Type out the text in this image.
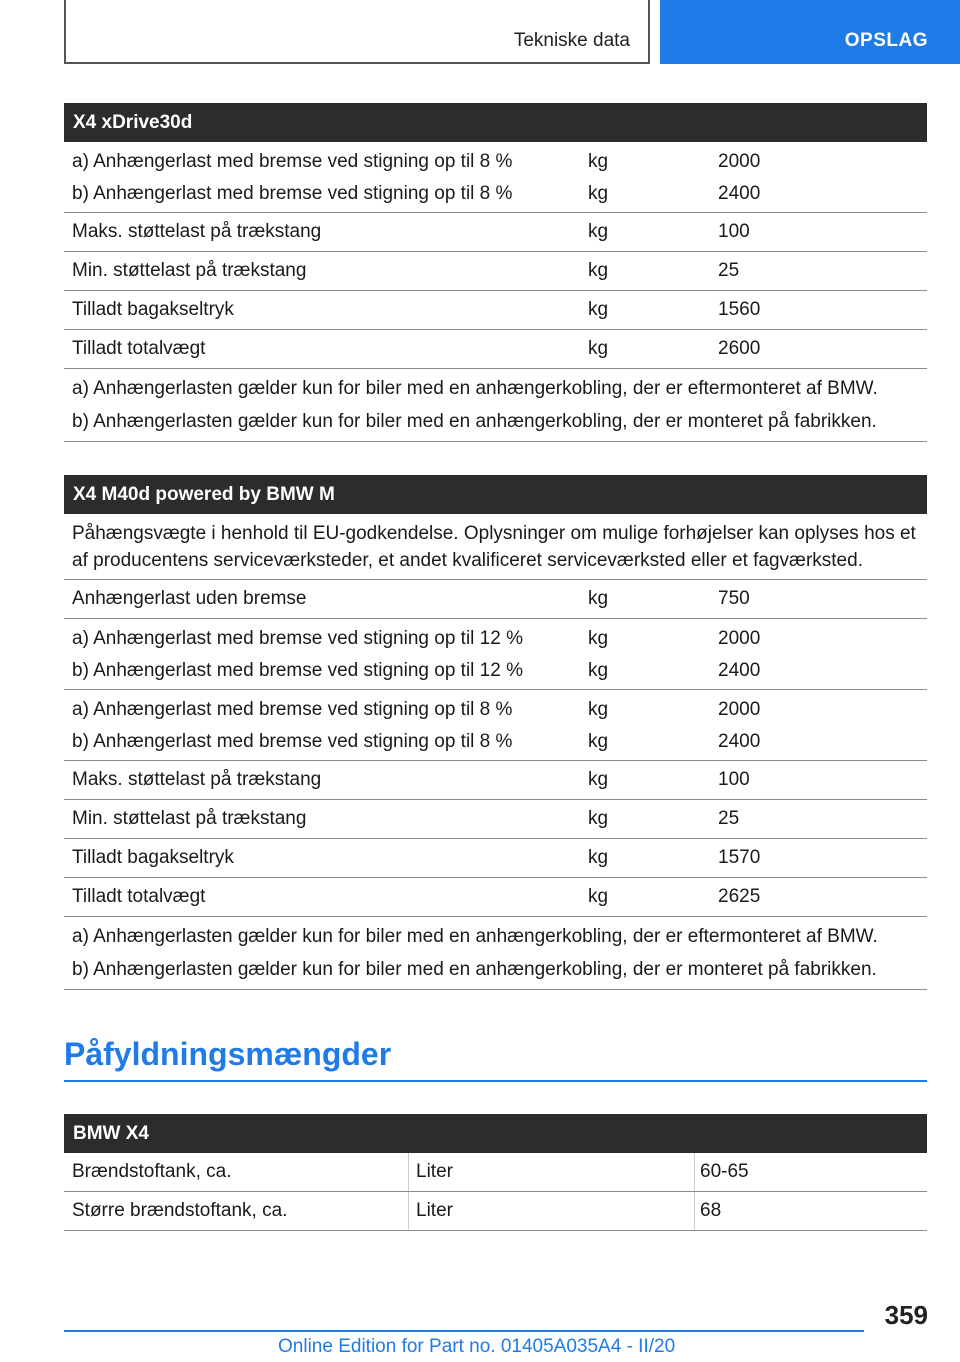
Tekniske data	OPSLAG
X4 xDrive30d
a) Anhængerlast med bremse ved stigning op til 8 %	kg	2000
b) Anhængerlast med bremse ved stigning op til 8 %	kg	2400
Maks. støttelast på trækstang	kg	100
Min. støttelast på trækstang	kg	25
Tilladt bagakseltryk	kg	1560
Tilladt totalvægt	kg	2600
a) Anhængerlasten gælder kun for biler med en anhængerkobling, der er eftermonteret af BMW.
b) Anhængerlasten gælder kun for biler med en anhængerkobling, der er monteret på fabrikken.
X4 M40d powered by BMW M
Påhængsvægte i henhold til EU-godkendelse. Oplysninger om mulige forhøjelser kan oplyses hos et af producentens serviceværksteder, et andet kvalificeret serviceværksted eller et fagværksted.
Anhængerlast uden bremse	kg	750
a) Anhængerlast med bremse ved stigning op til 12 %	kg	2000
b) Anhængerlast med bremse ved stigning op til 12 %	kg	2400
a) Anhængerlast med bremse ved stigning op til 8 %	kg	2000
b) Anhængerlast med bremse ved stigning op til 8 %	kg	2400
Maks. støttelast på trækstang	kg	100
Min. støttelast på trækstang	kg	25
Tilladt bagakseltryk	kg	1570
Tilladt totalvægt	kg	2625
a) Anhængerlasten gælder kun for biler med en anhængerkobling, der er eftermonteret af BMW.
b) Anhængerlasten gælder kun for biler med en anhængerkobling, der er monteret på fabrikken.
Påfyldningsmængder
BMW X4
Brændstoftank, ca.	Liter	60-65
Større brændstoftank, ca.	Liter	68
359
Online Edition for Part no. 01405A035A4 - II/20
